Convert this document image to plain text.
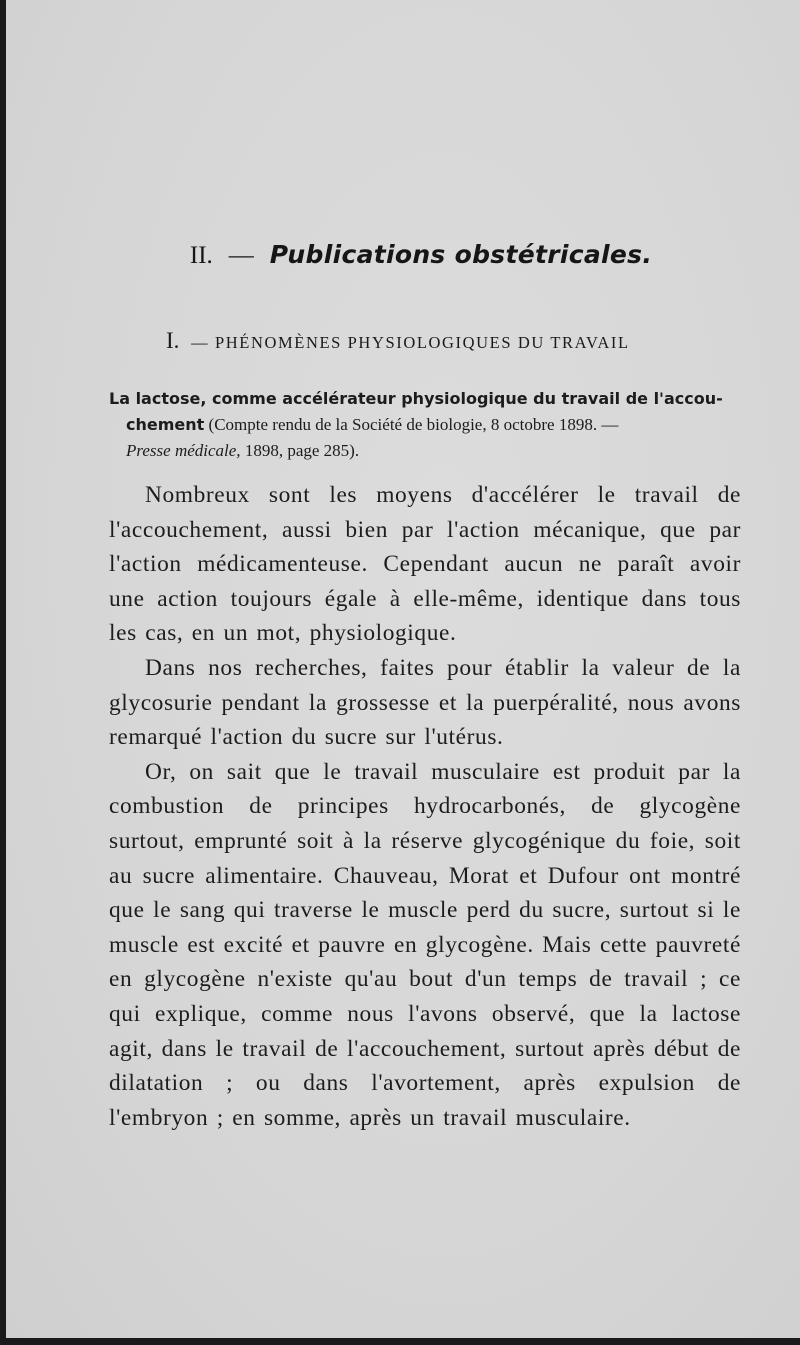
II. — Publications obstétricales.
I. — PHÉNOMÈNES PHYSIOLOGIQUES DU TRAVAIL
La lactose, comme accélérateur physiologique du travail de l'accou-
chement (Compte rendu de la Société de biologie, 8 octobre 1898. —
Presse médicale, 1898, page 285).

Nombreux sont les moyens d'accélérer le travail de l'accouchement, aussi bien par l'action mécanique, que par l'action médicamenteuse. Cependant aucun ne paraît avoir une action toujours égale à elle-même, identique dans tous les cas, en un mot, physiologique.

Dans nos recherches, faites pour établir la valeur de la glycosurie pendant la grossesse et la puerpéralité, nous avons remarqué l'action du sucre sur l'utérus.

Or, on sait que le travail musculaire est produit par la combustion de principes hydrocarbonés, de glycogène surtout, emprunté soit à la réserve glycogénique du foie, soit au sucre alimentaire. Chauveau, Morat et Dufour ont montré que le sang qui traverse le muscle perd du sucre, surtout si le muscle est excité et pauvre en glycogène. Mais cette pauvreté en glycogène n'existe qu'au bout d'un temps de travail ; ce qui explique, comme nous l'avons observé, que la lactose agit, dans le travail de l'accouchement, surtout après début de dilatation ; ou dans l'avortement, après expulsion de l'embryon ; en somme, après un travail musculaire.
